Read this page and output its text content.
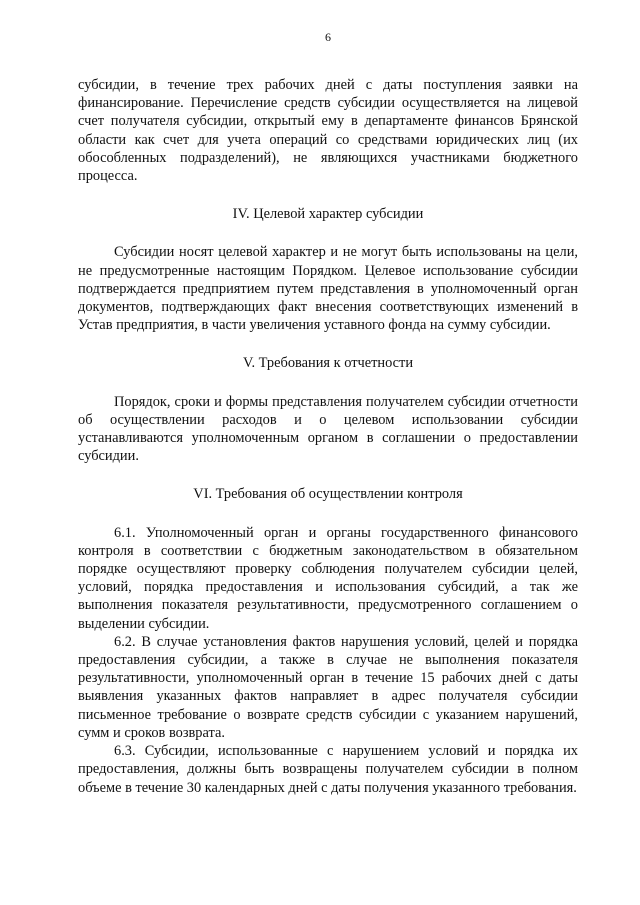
6

субсидии, в течение трех рабочих дней с даты поступления заявки на финансирование. Перечисление средств субсидии осуществляется на лицевой счет получателя субсидии, открытый ему в департаменте финансов Брянской области как счет для учета операций со средствами юридических лиц (их обособленных подразделений), не являющихся участниками бюджетного процесса.

IV. Целевой характер субсидии

Субсидии носят целевой характер и не могут быть использованы на цели, не предусмотренные настоящим Порядком. Целевое использование субсидии подтверждается предприятием путем представления в уполномоченный орган документов, подтверждающих факт внесения соответствующих изменений в Устав предприятия, в части увеличения уставного фонда на сумму субсидии.

V. Требования к отчетности

Порядок, сроки и формы представления получателем субсидии отчетности об осуществлении расходов и о целевом использовании субсидии устанавливаются уполномоченным органом в соглашении о предоставлении субсидии.

VI. Требования об осуществлении контроля

6.1. Уполномоченный орган и органы государственного финансового контроля в соответствии с бюджетным законодательством в обязательном порядке осуществляют проверку соблюдения получателем субсидии целей, условий, порядка предоставления и использования субсидий, а так же выполнения показателя результативности, предусмотренного соглашением о выделении субсидии.

6.2. В случае установления фактов нарушения условий, целей и порядка предоставления субсидии, а также в случае не выполнения показателя результативности, уполномоченный орган в течение 15 рабочих дней с даты выявления указанных фактов направляет в адрес получателя субсидии письменное требование о возврате средств субсидии с указанием нарушений, сумм и сроков возврата.

6.3. Субсидии, использованные с нарушением условий и порядка их предоставления, должны быть возвращены получателем субсидии в полном объеме в течение 30 календарных дней с даты получения указанного требования.
